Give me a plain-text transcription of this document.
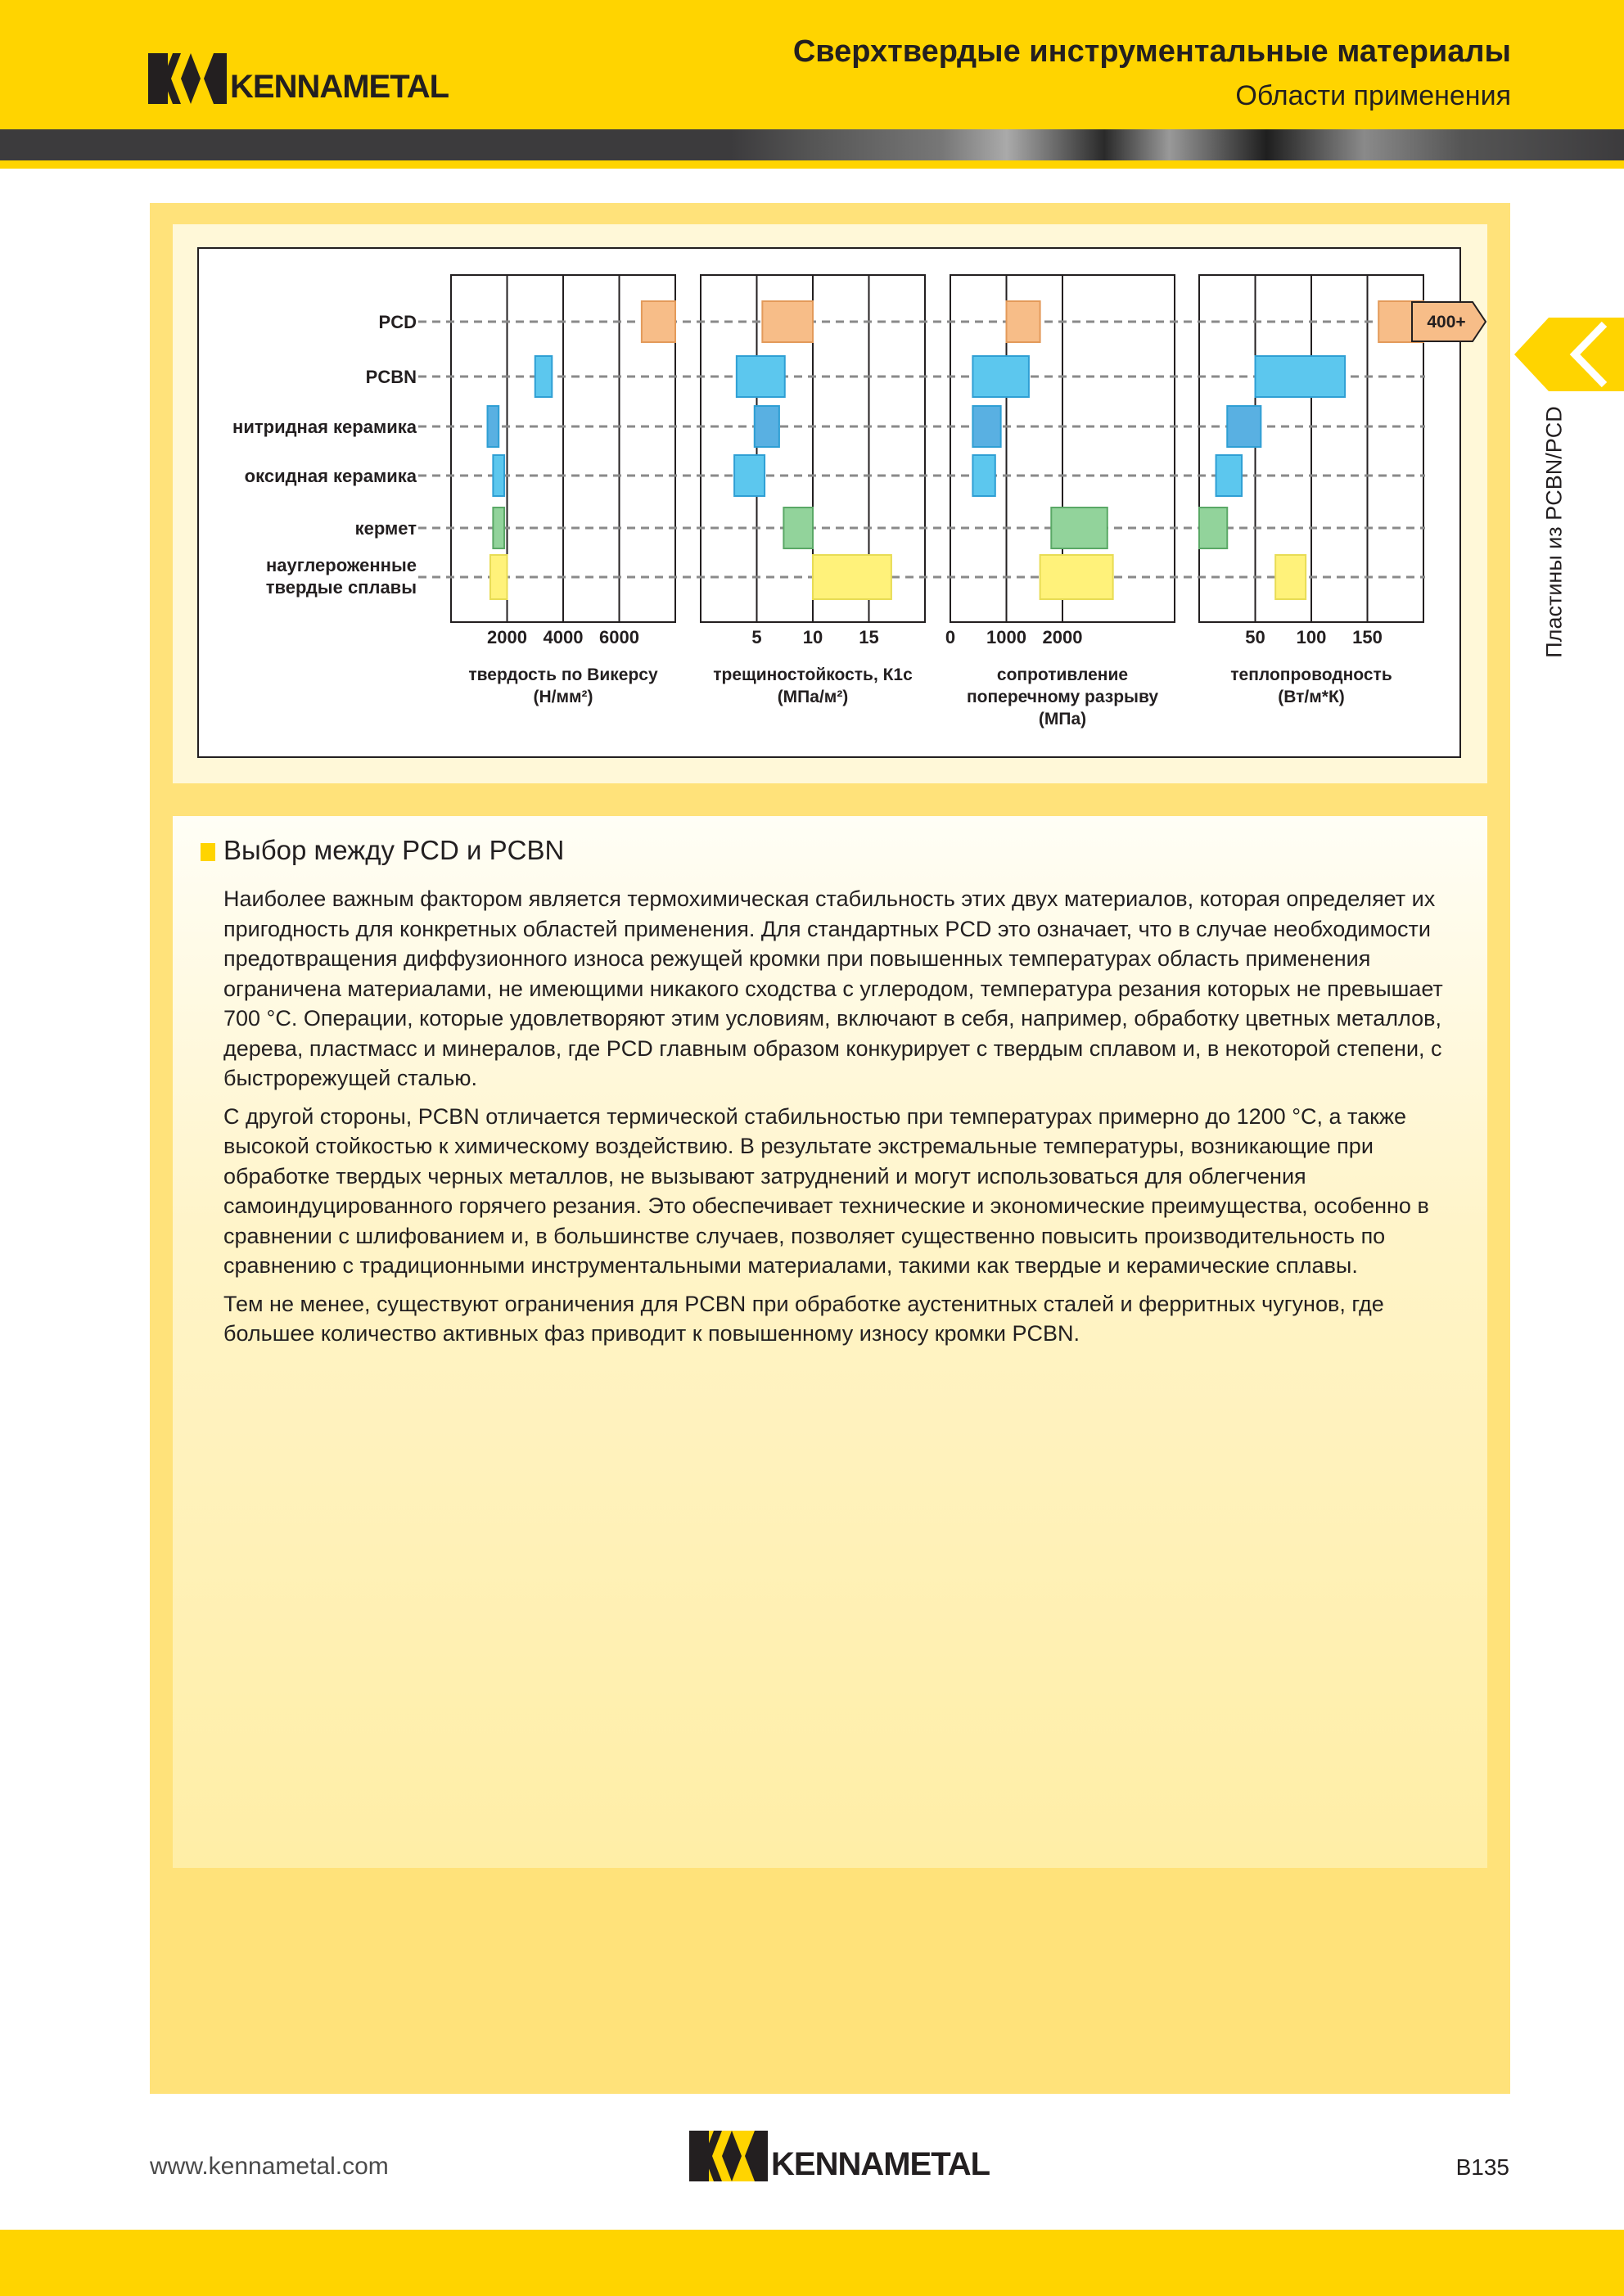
KENNAMETAL
Сверхтвердые инструментальные материалы
Области применения
Пластины из PCBN/PCD
2000 4000 6000
твердость по Викерсу
(Н/мм²)
5 10 15
трещиностойкость, К1с
(МПа/м²)
0 1000 2000
сопротивление
поперечному разрыву
(МПа)
50 100 150
теплопроводность
(Вт/м*К)
400+
PCD
PCBN
нитридная керамика
оксидная керамика
кермет
науглероженные
твердые сплавы
Выбор между PCD и PCBN

Наиболее важным фактором является термохимическая стабильность этих двух материалов, которая определяет их пригодность для конкретных областей применения. Для стандартных PCD это означает, что в случае необходимости предотвращения диффузионного износа режущей кромки при повышенных температурах область применения ограничена материалами, не имеющими никакого сходства с углеродом, температура резания которых не превышает 700 °С. Операции, которые удовлетворяют этим условиям, включают в себя, например, обработку цветных металлов, дерева, пластмасс и минералов, где PCD главным образом конкурирует с твердым сплавом и, в некоторой степени, с быстрорежущей сталью.

С другой стороны, PCBN отличается термической стабильностью при температурах примерно до 1200 °С, а также высокой стойкостью к химическому воздействию. В результате экстремальные температуры, возникающие при обработке твердых черных металлов, не вызывают затруднений и могут использоваться для облегчения самоиндуцированного горячего резания. Это обеспечивает технические и экономические преимущества, особенно в сравнении с шлифованием и, в большинстве случаев, позволяет существенно повысить производительность по сравнению с традиционными инструментальными материалами, такими как твердые и керамические сплавы.

Тем не менее, существуют ограничения для PCBN при обработке аустенитных сталей и ферритных чугунов, где большее количество активных фаз приводит к повышенному износу кромки PCBN.

www.kennametal.com	KENNAMETAL	B135
